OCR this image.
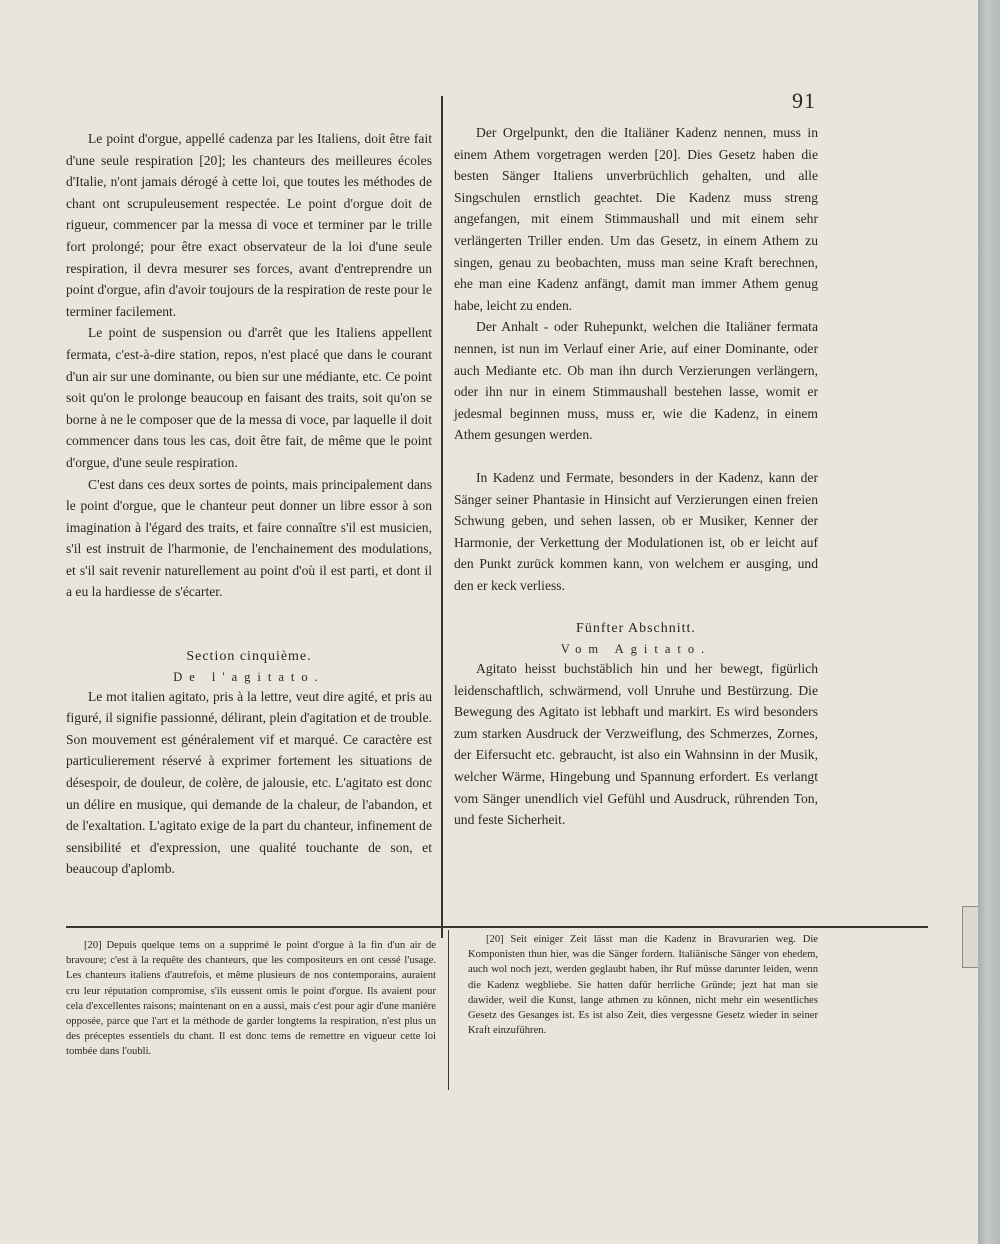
91

Le point d'orgue, appellé cadenza par les Italiens, doit être fait d'une seule respiration [20]; les chanteurs des meilleures écoles d'Italie, n'ont jamais dérogé à cette loi, que toutes les méthodes de chant ont scrupuleusement respectée. Le point d'orgue doit de rigueur, commencer par la messa di voce et terminer par le trille fort prolongé; pour être exact observateur de la loi d'une seule respiration, il devra mesurer ses forces, avant d'entreprendre un point d'orgue, afin d'avoir toujours de la respiration de reste pour le terminer facilement.

Le point de suspension ou d'arrêt que les Italiens appellent fermata, c'est-à-dire station, repos, n'est placé que dans le courant d'un air sur une dominante, ou bien sur une médiante, etc. Ce point soit qu'on le prolonge beaucoup en faisant des traits, soit qu'on se borne à ne le composer que de la messa di voce, par laquelle il doit commencer dans tous les cas, doit être fait, de même que le point d'orgue, d'une seule respiration.

C'est dans ces deux sortes de points, mais principalement dans le point d'orgue, que le chanteur peut donner un libre essor à son imagination à l'égard des traits, et faire connaître s'il est musicien, s'il est instruit de l'harmonie, de l'enchainement des modulations, et s'il sait revenir naturellement au point d'où il est parti, et dont il a eu la hardiesse de s'écarter.

Section cinquième.

De l'agitato.

Le mot italien agitato, pris à la lettre, veut dire agité, et pris au figuré, il signifie passionné, délirant, plein d'agitation et de trouble. Son mouvement est généralement vif et marqué. Ce caractère est particulierement réservé à exprimer fortement les situations de désespoir, de douleur, de colère, de jalousie, etc. L'agitato est donc un délire en musique, qui demande de la chaleur, de l'abandon, et de l'exaltation. L'agitato exige de la part du chanteur, infinement de sensibilité et d'expression, une qualité touchante de son, et beaucoup d'aplomb.

Der Orgelpunkt, den die Italiäner Kadenz nennen, muss in einem Athem vorgetragen werden [20]. Dies Gesetz haben die besten Sänger Italiens unverbrüchlich gehalten, und alle Singschulen ernstlich geachtet. Die Kadenz muss streng angefangen, mit einem Stimmaushall und mit einem sehr verlängerten Triller enden. Um das Gesetz, in einem Athem zu singen, genau zu beobachten, muss man seine Kraft berechnen, ehe man eine Kadenz anfängt, damit man immer Athem genug habe, leicht zu enden.

Der Anhalt - oder Ruhepunkt, welchen die Italiäner fermata nennen, ist nun im Verlauf einer Arie, auf einer Dominante, oder auch Mediante etc. Ob man ihn durch Verzierungen verlängern, oder ihn nur in einem Stimmaushall bestehen lasse, womit er jedesmal beginnen muss, muss er, wie die Kadenz, in einem Athem gesungen werden.

In Kadenz und Fermate, besonders in der Kadenz, kann der Sänger seiner Phantasie in Hinsicht auf Verzierungen einen freien Schwung geben, und sehen lassen, ob er Musiker, Kenner der Harmonie, der Verkettung der Modulationen ist, ob er leicht auf den Punkt zurück kommen kann, von welchem er ausging, und den er keck verliess.

Fünfter Abschnitt.

Vom Agitato.

Agitato heisst buchstäblich hin und her bewegt, figürlich leidenschaftlich, schwärmend, voll Unruhe und Bestürzung. Die Bewegung des Agitato ist lebhaft und markirt. Es wird besonders zum starken Ausdruck der Verzweiflung, des Schmerzes, Zornes, der Eifersucht etc. gebraucht, ist also ein Wahnsinn in der Musik, welcher Wärme, Hingebung und Spannung erfordert. Es verlangt vom Sänger unendlich viel Gefühl und Ausdruck, rührenden Ton, und feste Sicherheit.

[20] Depuis quelque tems on a supprimé le point d'orgue à la fin d'un air de bravoure; c'est à la requête des chanteurs, que les compositeurs en ont cessé l'usage. Les chanteurs italiens d'autrefois, et même plusieurs de nos contemporains, auraient cru leur réputation compromise, s'ils eussent omis le point d'orgue. Ils avaient pour cela d'excellentes raisons; maintenant on en a aussi, mais c'est pour agir d'une manière opposée, parce que l'art et la méthode de garder longtems la respiration, n'est plus un des préceptes essentiels du chant. Il est donc tems de remettre en vigueur cette loi tombée dans l'oubli.

[20] Seit einiger Zeit lässt man die Kadenz in Bravurarien weg. Die Komponisten thun hier, was die Sänger fordern. Italiänische Sänger von ehedem, auch wol noch jezt, werden geglaubt haben, ihr Ruf müsse darunter leiden, wenn die Kadenz wegbliebe. Sie hatten dafür herrliche Gründe; jezt hat man sie dawider, weil die Kunst, lange athmen zu können, nicht mehr ein wesentliches Gesetz des Gesanges ist. Es ist also Zeit, dies vergessne Gesetz wieder in seiner Kraft einzuführen.
